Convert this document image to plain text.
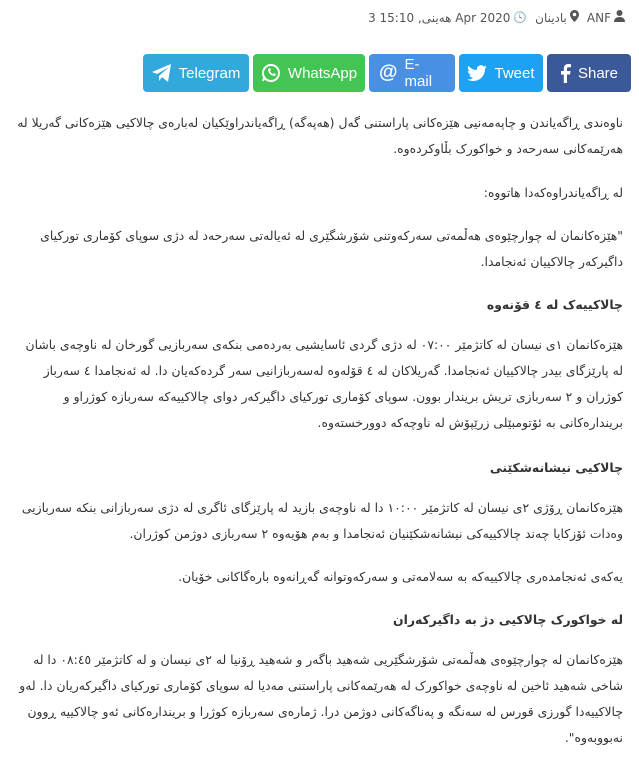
3 هەینی, 15:10 Apr 2020 🕓 بادینان ANF
Telegram	WhatsApp @ E-mail	Tweet	Share

ناوەندی ڕاگەیاندن و چاپەمەنیی هێزەکانی پاراستنی گەل (هەپەگە) ڕاگەیاندراوێکیان لەبارەی چالاکیی هێزەکانی گەریلا لە هەرێمەکانی سەرحەد و خواکورک بڵاوکردەوە.

لە ڕاگەیاندراوەکەدا هاتووە:

"هێزەکانمان لە چوارچێوەی هەڵمەتی سەرکەوتنی شۆرشگێری لە ئەیالەتی سەرحەد لە دژی سوپای کۆماری تورکیای داگیرکەر چالاکییان ئەنجامدا.

چالاکییەک لە ٤ قۆنەوە

هێزەکانمان ١ی نیسان لە کاتژمێر ٠٧:٠٠ لە دژی گردی ئاسایشیی بەردەمی بنکەی سەربازیی گورخان لە ناوچەی باشان لە پارێزگای بیدر چالاکییان ئەنجامدا. گەریلاکان لە ٤ قۆلەوە لەسەربازانیی سەر گردەکەیان دا. لە ئەنجامدا ٤ سەرباز کوژران و ٢ سەربازی تریش بریندار بوون. سوپای کۆماری تورکیای داگیرکەر دوای چالاکییەکە سەربازە کوژراو و بریندارەکانی بە ئۆتومبێلی زرێپۆش لە ناوچەکە دوورخستەوە.

چالاکیی نیشانەشکێنی

هێزەکانمان ڕۆژی ٢ی نیسان لە کاتژمێر ١٠:٠٠ دا لە ناوچەی بازید لە پارێزگای ئاگری لە دژی سەربازانی بنکە سەربازیی وەدات ئۆزکایا چەند چالاکییەکی نیشانەشکێنیان ئەنجامدا و بەم هۆیەوە ٢ سەربازی دوژمن کوژران.

یەکەی ئەنجامدەری چالاکییەکە بە سەلامەتی و سەرکەوتوانە گەڕانەوە بارەگاکانی خۆیان.

لە خواکورک چالاکیی دژ بە داگیرکەران

هێزەکانمان لە چوارچێوەی هەڵمەتی شۆرشگێریی شەهید باگەر و شەهید ڕۆنیا لە ٢ی نیسان و لە کاتژمێر ٠٨:٤٥ دا لە شاخی شەهید ئاخین لە ناوچەی خواکورک لە هەرێمەکانی پاراستنی مەدیا لە سوپای کۆماری تورکیای داگیرکەریان دا. لەو چالاکییەدا گورزی قورس لە سەنگە و پەناگەکانی دوژمن درا. ژمارەی سەربازە کوژرا و بریندارەکانی ئەو چالاکییە ڕوون نەبووبەوە".
